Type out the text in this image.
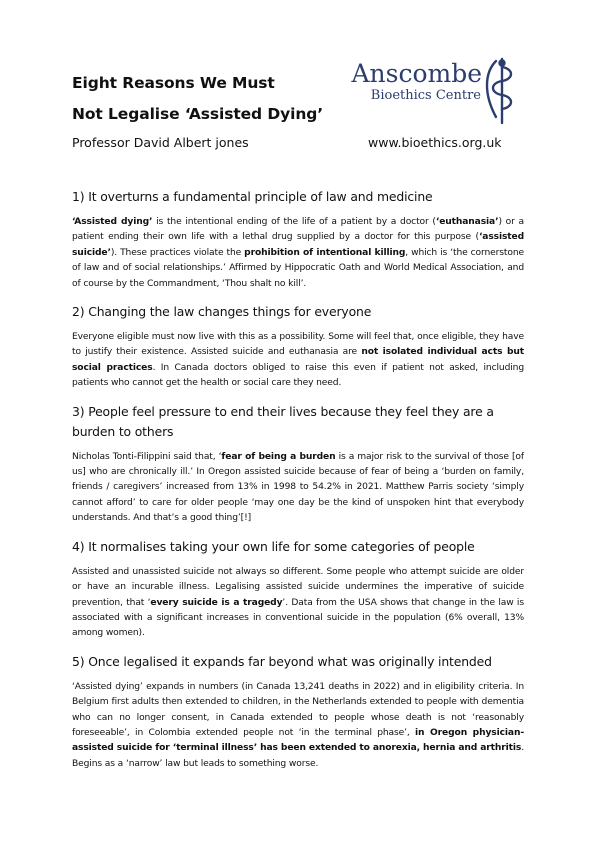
Eight Reasons We Must
Not Legalise ‘Assisted Dying’
Professor David Albert jones	www.bioethics.org.uk
Anscombe
Bioethics Centre
1) It overturns a fundamental principle of law and medicine

‘Assisted dying’ is the intentional ending of the life of a patient by a doctor (‘euthanasia’) or a patient ending their own life with a lethal drug supplied by a doctor for this purpose (‘assisted suicide’). These practices violate the prohibition of intentional killing, which is ‘the cornerstone of law and of social relationships.’ Affirmed by Hippocratic Oath and World Medical Association, and of course by the Commandment, ‘Thou shalt no kill’.

2) Changing the law changes things for everyone

Everyone eligible must now live with this as a possibility. Some will feel that, once eligible, they have to justify their existence. Assisted suicide and euthanasia are not isolated individual acts but social practices. In Canada doctors obliged to raise this even if patient not asked, including patients who cannot get the health or social care they need.

3) People feel pressure to end their lives because they feel they are a burden to others

Nicholas Tonti-Filippini said that, ‘fear of being a burden is a major risk to the survival of those [of us] who are chronically ill.’ In Oregon assisted suicide because of fear of being a ‘burden on family, friends / caregivers’ increased from 13% in 1998 to 54.2% in 2021. Matthew Parris society ‘simply cannot afford’ to care for older people ‘may one day be the kind of unspoken hint that everybody understands. And that’s a good thing’[!]

4) It normalises taking your own life for some categories of people

Assisted and unassisted suicide not always so different. Some people who attempt suicide are older or have an incurable illness. Legalising assisted suicide undermines the imperative of suicide prevention, that ‘every suicide is a tragedy’. Data from the USA shows that change in the law is associated with a significant increases in conventional suicide in the population (6% overall, 13% among women).

5) Once legalised it expands far beyond what was originally intended

‘Assisted dying’ expands in numbers (in Canada 13,241 deaths in 2022) and in eligibility criteria. In Belgium first adults then extended to children, in the Netherlands extended to people with dementia who can no longer consent, in Canada extended to people whose death is not ‘reasonably foreseeable’, in Colombia extended people not ‘in the terminal phase’, in Oregon physician-assisted suicide for ‘terminal illness’ has been extended to anorexia, hernia and arthritis. Begins as a ‘narrow’ law but leads to something worse.
